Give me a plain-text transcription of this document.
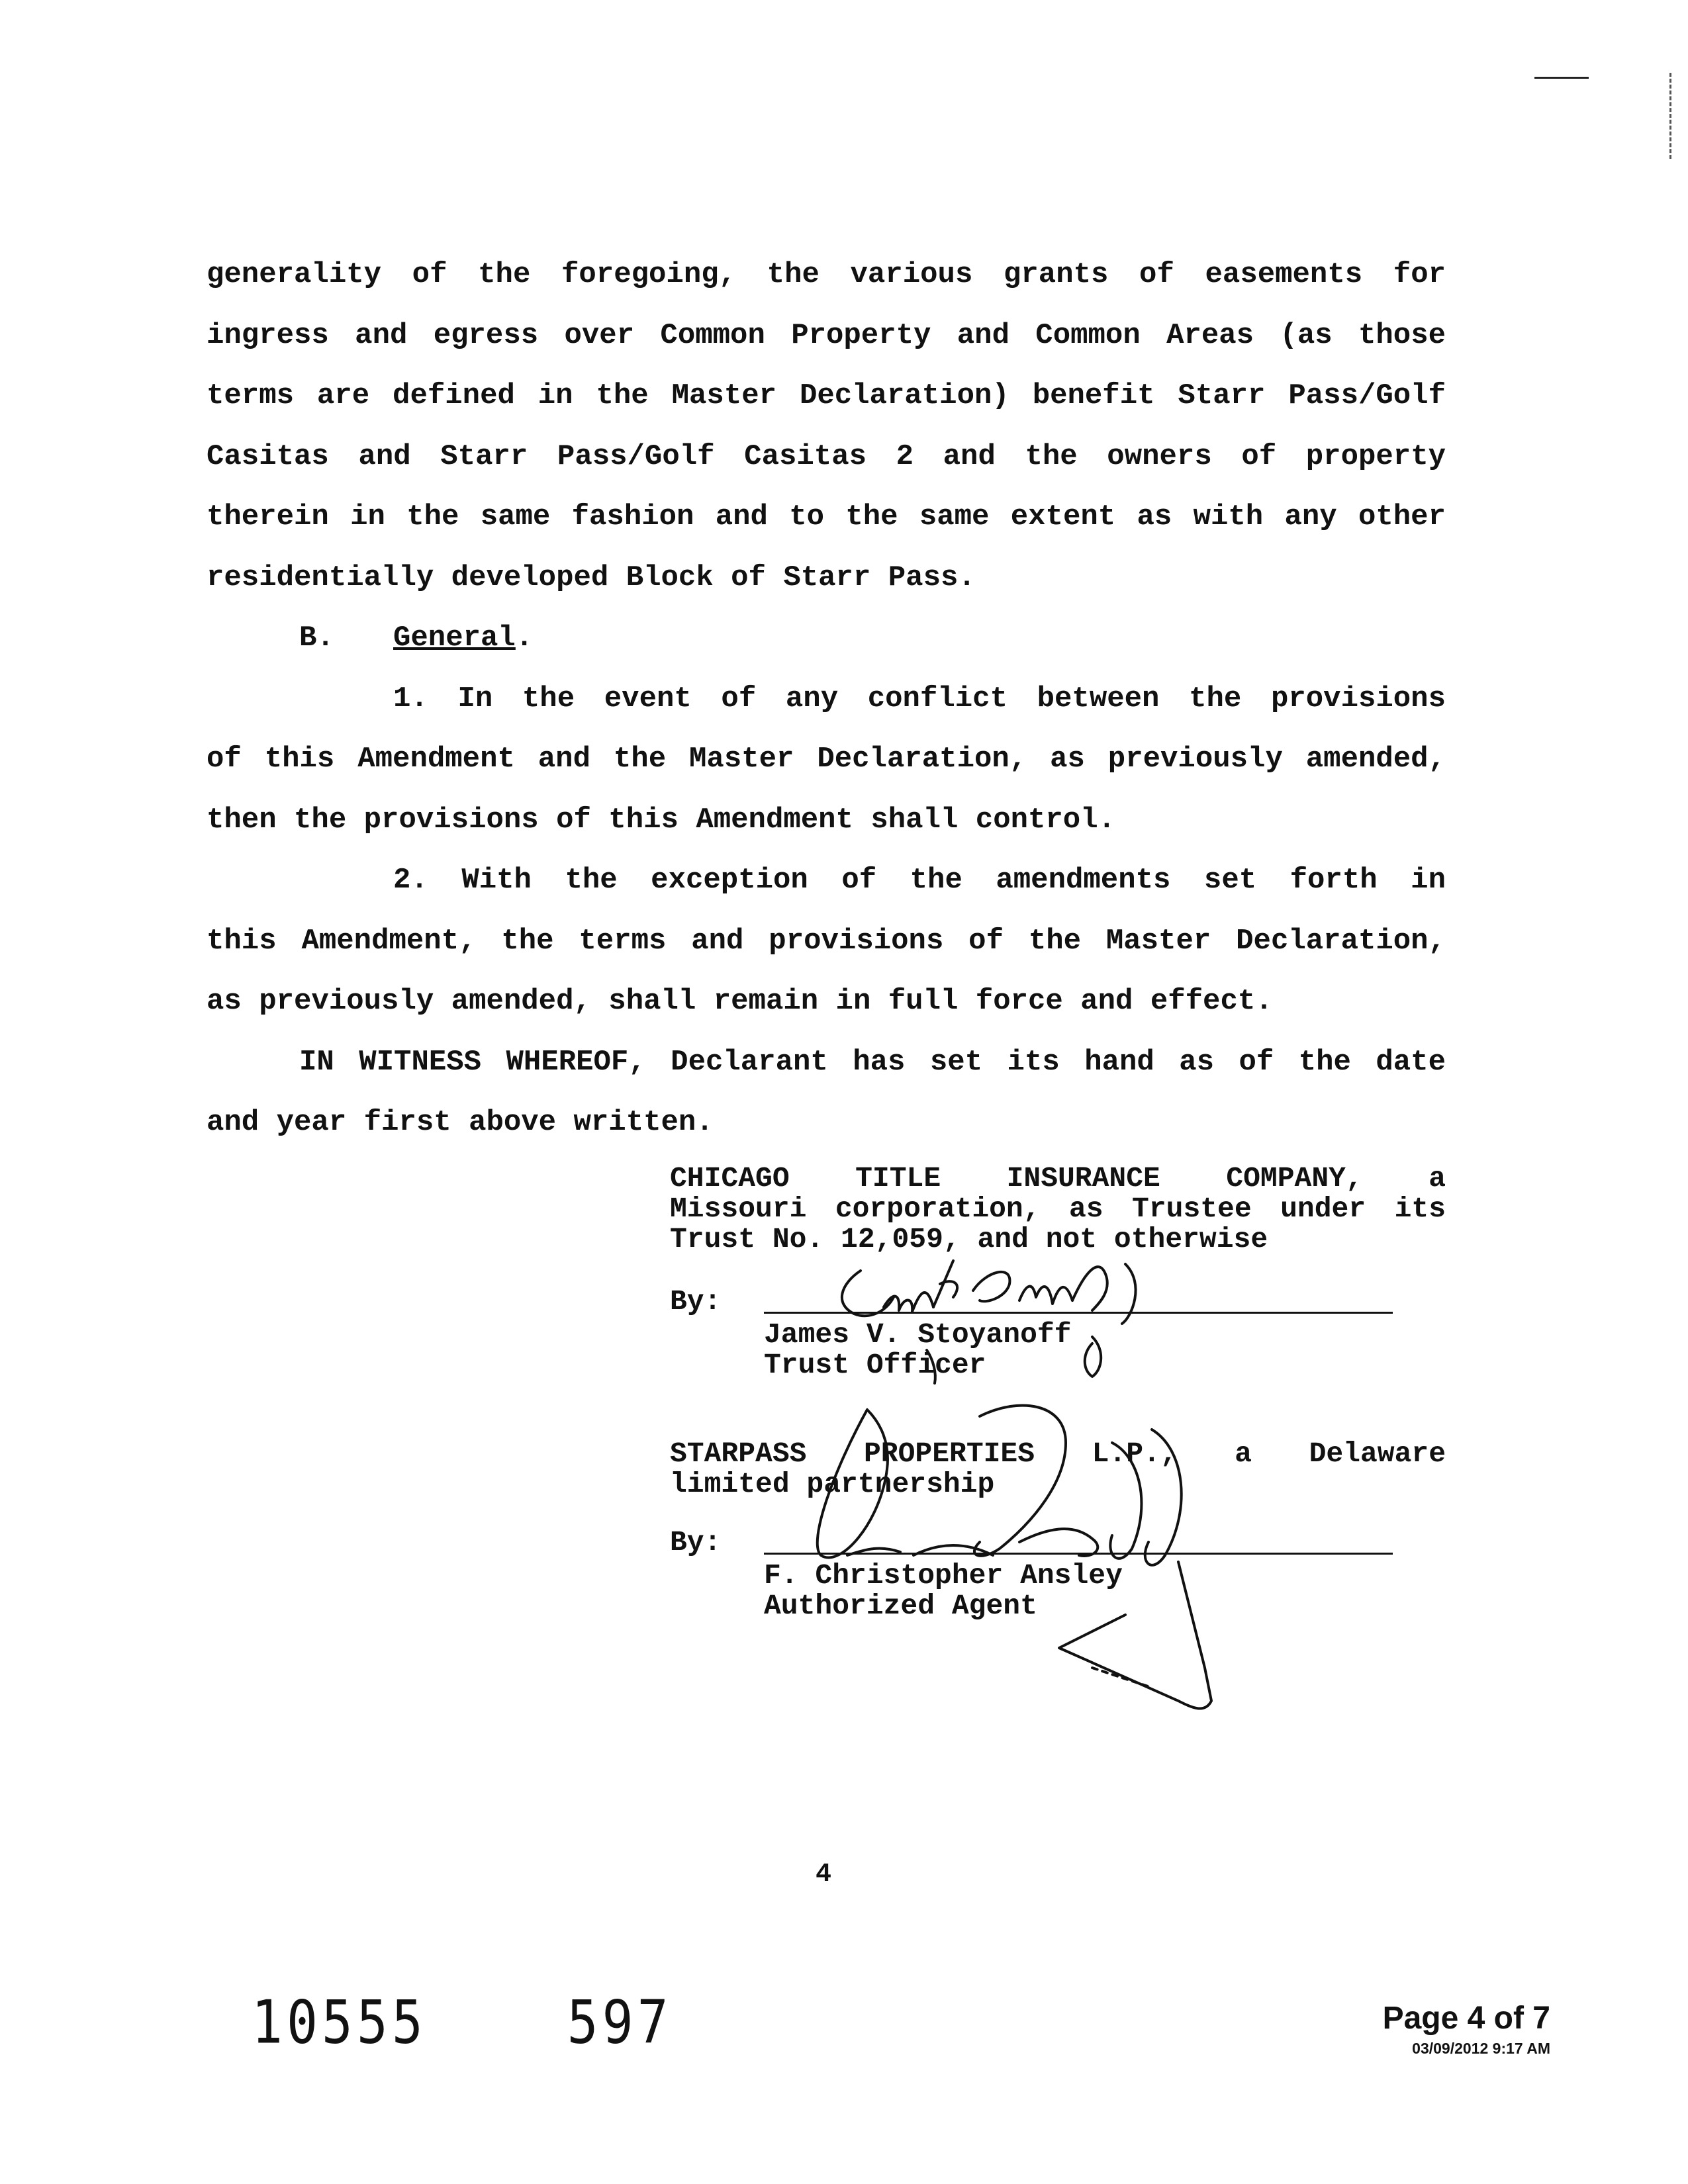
generality of the foregoing, the various grants of easements for
ingress and egress over Common Property and Common Areas (as those
terms are defined in the Master Declaration) benefit Starr Pass/Golf
Casitas and Starr Pass/Golf Casitas 2 and the owners of property
therein in the same fashion and to the same extent as with any other
residentially developed Block of Starr Pass.

B. General.

1. In the event of any conflict between the provisions
of this Amendment and the Master Declaration, as previously amended,
then the provisions of this Amendment shall control.

2. With the exception of the amendments set forth in
this Amendment, the terms and provisions of the Master Declaration,
as previously amended, shall remain in full force and effect.

IN WITNESS WHEREOF, Declarant has set its hand as of the date
and year first above written.

CHICAGO TITLE INSURANCE COMPANY, a
Missouri corporation, as Trustee under its
Trust No. 12,059, and not otherwise
By:
James V. Stoyanoff
Trust Officer
STARPASS PROPERTIES L.P., a Delaware
limited partnership
By:
F. Christopher Ansley
Authorized Agent
4
10555	597	Page 4 of 7
03/09/2012 9:17 AM
